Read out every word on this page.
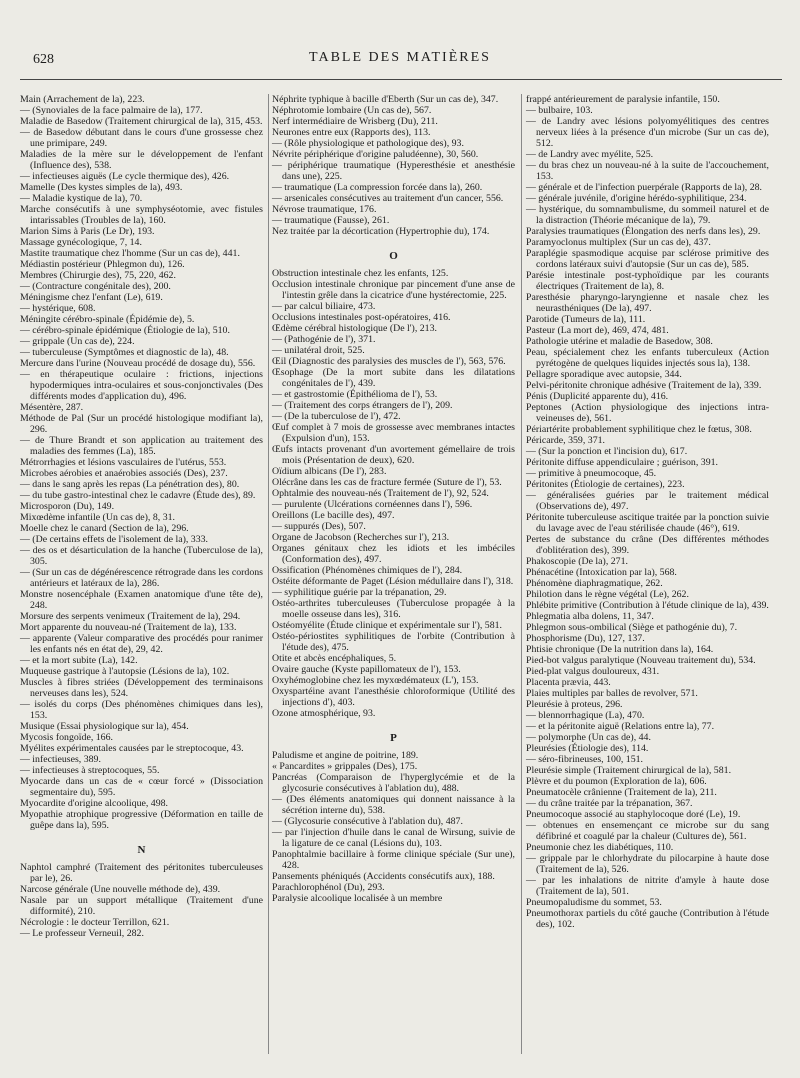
628	TABLE DES MATIÈRES

Main (Arrachement de la), 223.

— (Synoviales de la face palmaire de la), 177.

Maladie de Basedow (Traitement chirurgical de la), 315, 453.

— de Basedow débutant dans le cours d'une grossesse chez une primipare, 249.

Maladies de la mère sur le développement de l'enfant (Influence des), 538.

— infectieuses aiguës (Le cycle thermique des), 426.

Mamelle (Des kystes simples de la), 493.

— Maladie kystique de la), 70.

Marche consécutifs à une symphyséotomie, avec fistules intarissables (Troubles de la), 160.

Marion Sims à Paris (Le Dr), 193.

Massage gynécologique, 7, 14.

Mastite traumatique chez l'homme (Sur un cas de), 441.

Médiastin postérieur (Phlegmon du), 126.

Membres (Chirurgie des), 75, 220, 462.

— (Contracture congénitale des), 200.

Méningisme chez l'enfant (Le), 619.

— hystérique, 608.

Méningite cérébro-spinale (Épidémie de), 5.

— cérébro-spinale épidémique (Étiologie de la), 510.

— grippale (Un cas de), 224.

— tuberculeuse (Symptômes et diagnostic de la), 48.

Mercure dans l'urine (Nouveau procédé de dosage du), 556.

— en thérapeutique oculaire : frictions, injections hypodermiques intra-oculaires et sous-conjonctivales (Des différents modes d'application du), 496.

Mésentère, 287.

Méthode de Pal (Sur un procédé histologique modifiant la), 296.

— de Thure Brandt et son application au traitement des maladies des femmes (La), 185.

Métrorrhagies et lésions vasculaires de l'utérus, 553.

Microbes aérobies et anaérobies associés (Des), 237.

— dans le sang après les repas (La pénétration des), 80.

— du tube gastro-intestinal chez le cadavre (Étude des), 89.

Microsporon (Du), 149.

Mixœdème infantile (Un cas de), 8, 31.

Moelle chez le canard (Section de la), 296.

— (De certains effets de l'isolement de la), 333.

— des os et désarticulation de la hanche (Tuberculose de la), 305.

— (Sur un cas de dégénérescence rétrograde dans les cordons antérieurs et latéraux de la), 286.

Monstre nosencéphale (Examen anatomique d'une tête de), 248.

Morsure des serpents venimeux (Traitement de la), 294.

Mort apparente du nouveau-né (Traitement de la), 133.

— apparente (Valeur comparative des procédés pour ranimer les enfants nés en état de), 29, 42.

— et la mort subite (La), 142.

Muqueuse gastrique à l'autopsie (Lésions de la), 102.

Muscles à fibres striées (Développement des terminaisons nerveuses dans les), 524.

— isolés du corps (Des phénomènes chimiques dans les), 153.

Musique (Essai physiologique sur la), 454.

Mycosis fongoïde, 166.

Myélites expérimentales causées par le streptocoque, 43.

— infectieuses, 389.

— infectieuses à streptocoques, 55.

Myocarde dans un cas de « cœur forcé » (Dissociation segmentaire du), 595.

Myocardite d'origine alcoolique, 498.

Myopathie atrophique progressive (Déformation en taille de guêpe dans la), 595.

N

Naphtol camphré (Traitement des péritonites tuberculeuses par le), 26.

Narcose générale (Une nouvelle méthode de), 439.

Nasale par un support métallique (Traitement d'une difformité), 210.

Nécrologie : le docteur Terrillon, 621.

— Le professeur Verneuil, 282.

Néphrite typhique à bacille d'Eberth (Sur un cas de), 347.

Néphrotomie lombaire (Un cas de), 567.

Nerf intermédiaire de Wrisberg (Du), 211.

Neurones entre eux (Rapports des), 113.

— (Rôle physiologique et pathologique des), 93.

Névrite périphérique d'origine paludéenne), 30, 560.

— périphérique traumatique (Hyperesthésie et anesthésie dans une), 225.

— traumatique (La compression forcée dans la), 260.

— arsenicales consécutives au traitement d'un cancer, 556.

Névrose traumatique, 176.

— traumatique (Fausse), 261.

Nez traitée par la décortication (Hypertrophie du), 174.

O

Obstruction intestinale chez les enfants, 125.

Occlusion intestinale chronique par pincement d'une anse de l'intestin grêle dans la cicatrice d'une hystérectomie, 225.

— par calcul biliaire, 473.

Occlusions intestinales post-opératoires, 416.

Œdème cérébral histologique (De l'), 213.

— (Pathogénie de l'), 371.

— unilatéral droit, 525.

Œil (Diagnostic des paralysies des muscles de l'), 563, 576.

Œsophage (De la mort subite dans les dilatations congénitales de l'), 439.

— et gastrostomie (Épithélioma de l'), 53.

— (Traitement des corps étrangers de l'), 209.

— (De la tuberculose de l'), 472.

Œuf complet à 7 mois de grossesse avec membranes intactes (Expulsion d'un), 153.

Œufs intacts provenant d'un avortement gémellaire de trois mois (Présentation de deux), 620.

Oïdium albicans (De l'), 283.

Olécrâne dans les cas de fracture fermée (Suture de l'), 53.

Ophtalmie des nouveau-nés (Traitement de l'), 92, 524.

— purulente (Ulcérations cornéennes dans l'), 596.

Oreillons (Le bacille des), 497.

— suppurés (Des), 507.

Organe de Jacobson (Recherches sur l'), 213.

Organes génitaux chez les idiots et les imbéciles (Conformation des), 497.

Ossification (Phénomènes chimiques de l'), 284.

Ostéite déformante de Paget (Lésion médullaire dans l'), 318.

— syphilitique guérie par la trépanation, 29.

Ostéo-arthrites tuberculeuses (Tuberculose propagée à la moelle osseuse dans les), 316.

Ostéomyélite (Étude clinique et expérimentale sur l'), 581.

Ostéo-périostites syphilitiques de l'orbite (Contribution à l'étude des), 475.

Otite et abcès encéphaliques, 5.

Ovaire gauche (Kyste papillomateux de l'), 153.

Oxyhémoglobine chez les myxœdémateux (L'), 153.

Oxyspartéine avant l'anesthésie chloroformique (Utilité des injections d'), 403.

Ozone atmosphérique, 93.

P

Paludisme et angine de poitrine, 189.

« Pancardites » grippales (Des), 175.

Pancréas (Comparaison de l'hyperglycémie et de la glycosurie consécutives à l'ablation du), 488.

— (Des éléments anatomiques qui donnent naissance à la sécrétion interne du), 538.

— (Glycosurie consécutive à l'ablation du), 487.

— par l'injection d'huile dans le canal de Wirsung, suivie de la ligature de ce canal (Lésions du), 103.

Panophtalmie bacillaire à forme clinique spéciale (Sur une), 428.

Pansements phéniqués (Accidents consécutifs aux), 188.

Parachlorophénol (Du), 293.

Paralysie alcoolique localisée à un membre

frappé antérieurement de paralysie infantile, 150.

— bulbaire, 103.

— de Landry avec lésions polyomyélitiques des centres nerveux liées à la présence d'un microbe (Sur un cas de), 512.

— de Landry avec myélite, 525.

— du bras chez un nouveau-né à la suite de l'accouchement, 153.

— générale et de l'infection puerpérale (Rapports de la), 28.

— générale juvénile, d'origine hérédo-syphilitique, 234.

— hystérique, du somnambulisme, du sommeil naturel et de la distraction (Théorie mécanique de la), 79.

Paralysies traumatiques (Élongation des nerfs dans les), 29.

Paramyoclonus multiplex (Sur un cas de), 437.

Paraplégie spasmodique acquise par sclérose primitive des cordons latéraux suivi d'autopsie (Sur un cas de), 585.

Parésie intestinale post-typhoïdique par les courants électriques (Traitement de la), 8.

Paresthésie pharyngo-laryngienne et nasale chez les neurasthéniques (De la), 497.

Parotide (Tumeurs de la), 111.

Pasteur (La mort de), 469, 474, 481.

Pathologie utérine et maladie de Basedow, 308.

Peau, spécialement chez les enfants tuberculeux (Action pyrétogène de quelques liquides injectés sous la), 138.

Pellagre sporadique avec autopsie, 344.

Pelvi-péritonite chronique adhésive (Traitement de la), 339.

Pénis (Duplicité apparente du), 416.

Peptones (Action physiologique des injections intra-veineuses de), 561.

Périartérite probablement syphilitique chez le fœtus, 308.

Péricarde, 359, 371.

— (Sur la ponction et l'incision du), 617.

Péritonite diffuse appendiculaire ; guérison, 391.

— primitive à pneumocoque, 45.

Péritonites (Étiologie de certaines), 223.

— généralisées guéries par le traitement médical (Observations de), 497.

Péritonite tuberculeuse ascitique traitée par la ponction suivie du lavage avec de l'eau stérilisée chaude (46°), 619.

Pertes de substance du crâne (Des différentes méthodes d'oblitération des), 399.

Phakoscopie (De la), 271.

Phénacétine (Intoxication par la), 568.

Phénomène diaphragmatique, 262.

Philotion dans le règne végétal (Le), 262.

Phlébite primitive (Contribution à l'étude clinique de la), 439.

Phlegmatia alba dolens, 11, 347.

Phlegmon sous-ombilical (Siège et pathogénie du), 7.

Phosphorisme (Du), 127, 137.

Phtisie chronique (De la nutrition dans la), 164.

Pied-bot valgus paralytique (Nouveau traitement du), 534.

Pied-plat valgus douloureux, 431.

Placenta prævia, 443.

Plaies multiples par balles de revolver, 571.

Pleurésie à proteus, 296.

— blennorrhagique (La), 470.

— et la péritonite aiguë (Relations entre la), 77.

— polymorphe (Un cas de), 44.

Pleurésies (Étiologie des), 114.

— séro-fibrineuses, 100, 151.

Pleurésie simple (Traitement chirurgical de la), 581.

Plèvre et du poumon (Exploration de la), 606.

Pneumatocèle crânienne (Traitement de la), 211.

— du crâne traitée par la trépanation, 367.

Pneumocoque associé au staphylocoque doré (Le), 19.

— obtenues en ensemençant ce microbe sur du sang défibriné et coagulé par la chaleur (Cultures de), 561.

Pneumonie chez les diabétiques, 110.

— grippale par le chlorhydrate du pilocarpine à haute dose (Traitement de la), 526.

— par les inhalations de nitrite d'amyle à haute dose (Traitement de la), 501.

Pneumopaludisme du sommet, 53.

Pneumothorax partiels du côté gauche (Contribution à l'étude des), 102.
